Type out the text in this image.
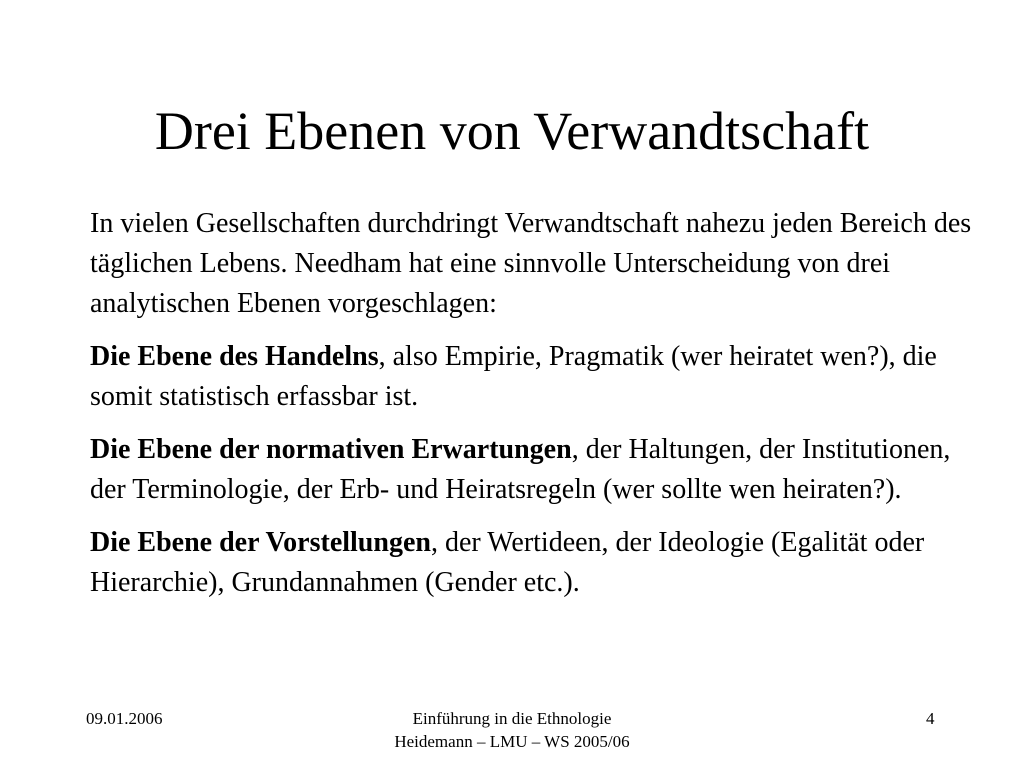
Drei Ebenen von Verwandtschaft

In vielen Gesellschaften durchdringt Verwandtschaft nahezu jeden Bereich des täglichen Lebens. Needham hat eine sinnvolle Unterscheidung von drei analytischen Ebenen vorgeschlagen:

Die Ebene des Handelns, also Empirie, Pragmatik (wer heiratet wen?), die somit statistisch erfassbar ist.

Die Ebene der normativen Erwartungen, der Haltungen, der Institutionen, der Terminologie, der Erb- und Heiratsregeln (wer sollte wen heiraten?).

Die Ebene der Vorstellungen, der Wertideen, der Ideologie (Egalität oder Hierarchie), Grundannahmen (Gender etc.).

09.01.2006	Einführung in die Ethnologie
Heidemann – LMU – WS 2005/06
4
